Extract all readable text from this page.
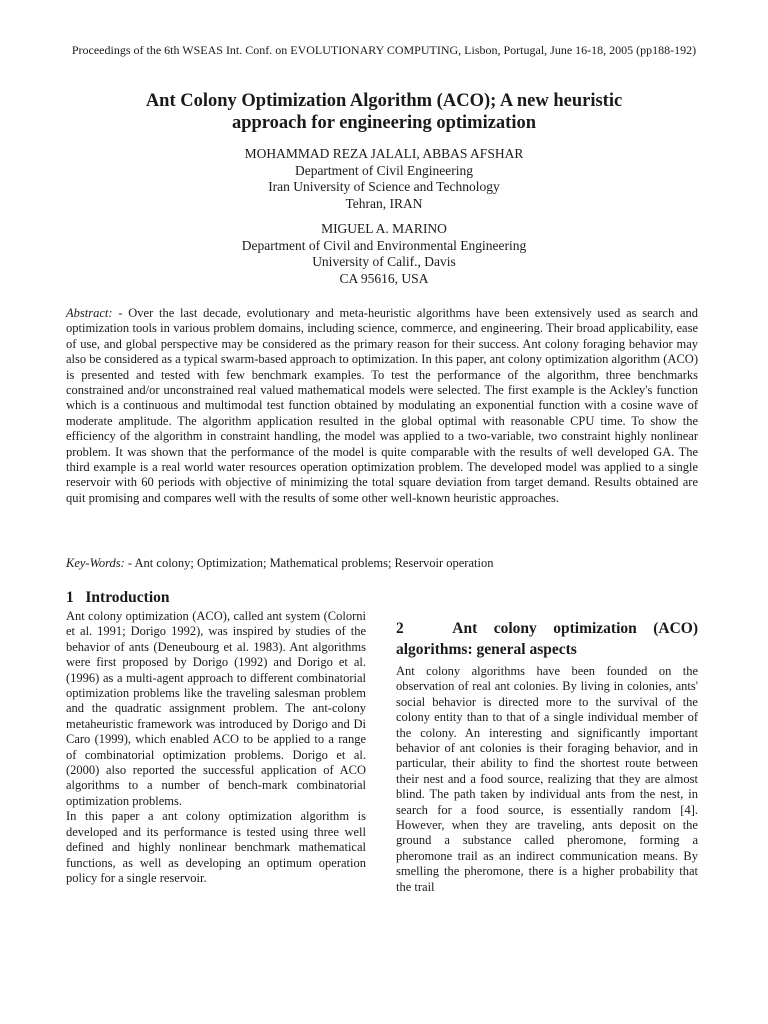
Proceedings of the 6th WSEAS Int. Conf. on EVOLUTIONARY COMPUTING, Lisbon, Portugal, June 16-18, 2005 (pp188-192)
Ant Colony Optimization Algorithm (ACO); A new heuristic
approach for engineering optimization
MOHAMMAD REZA JALALI, ABBAS AFSHAR
Department of Civil Engineering
Iran University of Science and Technology
Tehran, IRAN
MIGUEL A. MARINO
Department of Civil and Environmental Engineering
University of Calif., Davis
CA 95616, USA
Abstract: - Over the last decade, evolutionary and meta-heuristic algorithms have been extensively used as search and optimization tools in various problem domains, including science, commerce, and engineering. Their broad applicability, ease of use, and global perspective may be considered as the primary reason for their success. Ant colony foraging behavior may also be considered as a typical swarm-based approach to optimization. In this paper, ant colony optimization algorithm (ACO) is presented and tested with few benchmark examples. To test the performance of the algorithm, three benchmarks constrained and/or unconstrained real valued mathematical models were selected. The first example is the Ackley's function which is a continuous and multimodal test function obtained by modulating an exponential function with a cosine wave of moderate amplitude. The algorithm application resulted in the global optimal with reasonable CPU time. To show the efficiency of the algorithm in constraint handling, the model was applied to a two-variable, two constraint highly nonlinear problem. It was shown that the performance of the model is quite comparable with the results of well developed GA. The third example is a real world water resources operation optimization problem. The developed model was applied to a single reservoir with 60 periods with objective of minimizing the total square deviation from target demand. Results obtained are quit promising and compares well with the results of some other well-known heuristic approaches.
Key-Words: - Ant colony; Optimization; Mathematical problems; Reservoir operation
1   Introduction

Ant colony optimization (ACO), called ant system (Colorni et al. 1991; Dorigo 1992), was inspired by studies of the behavior of ants (Deneubourg et al. 1983). Ant algorithms were first proposed by Dorigo (1992) and Dorigo et al. (1996) as a multi-agent approach to different combinatorial optimization problems like the traveling salesman problem and the quadratic assignment problem. The ant-colony metaheuristic framework was introduced by Dorigo and Di Caro (1999), which enabled ACO to be applied to a range of combinatorial optimization problems. Dorigo et al. (2000) also reported the successful application of ACO algorithms to a number of bench-mark combinatorial optimization problems.

In this paper a ant colony optimization algorithm is developed and its performance is tested using three well defined and highly nonlinear benchmark mathematical functions, as well as developing an optimum operation policy for a single reservoir.

2   Ant colony optimization (ACO) algorithms: general aspects

Ant colony algorithms have been founded on the observation of real ant colonies. By living in colonies, ants' social behavior is directed more to the survival of the colony entity than to that of a single individual member of the colony. An interesting and significantly important behavior of ant colonies is their foraging behavior, and in particular, their ability to find the shortest route between their nest and a food source, realizing that they are almost blind. The path taken by individual ants from the nest, in search for a food source, is essentially random [4]. However, when they are traveling, ants deposit on the ground a substance called pheromone, forming a pheromone trail as an indirect communication means. By smelling the pheromone, there is a higher probability that the trail
